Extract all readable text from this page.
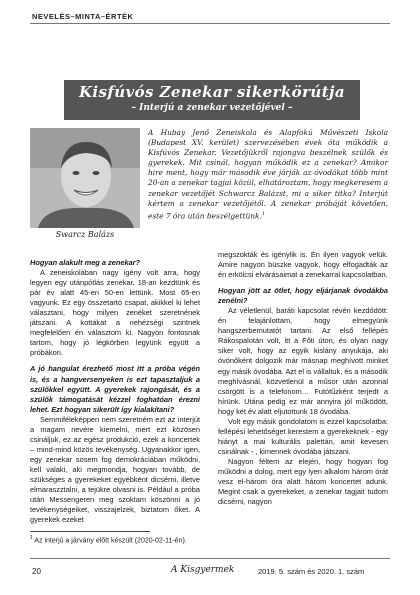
NEVELÉS–MINTA–ÉRTÉK
Kisfúvós Zenekar sikerkörútja
– Interjú a zenekar vezetőjével –
Swarcz Balázs

A Hubay Jenő Zeneiskola és Alapfokú Művészeti Iskola (Budapest XV. kerület) szervezésében évek óta működik a Kisfúvós Zenekar. Vezetőjükről rajongva beszélnek szülők és gyerekek. Mit csinál, hogyan működik ez a zenekar? Amikor hire ment, hogy már második éve járják az óvodákat több mint 20-an a zenekar tagjai közül, elhatároztam, hogy megkeresem a zenekar vezetőjét Schwarcz Balázst, mi a siker titka? Interjút kértem a zenekar vezetőjétől. A zenekar próbáját követően, este 7 óra után beszélgettünk.$^1$

Hogyan alakult meg a zenekar?

A zeneiskolában nagy igény volt arra, hogy legyen egy utánpótlás zenekar, 18-an kezdtünk és pár év alatt 45-en 50-en lettünk. Most 65-en vagyunk. Ez egy összetartó csapat, akikkel ki lehet választani, hogy milyen zenéket szeretnének játszani. A kottákat a nehézségi szintnek megfelelően én választom ki. Nagyon fontosnak tartom, hogy jó légkörben legyünk együtt a próbákon.

A jó hangulat érezhető most itt a próba végén is, és a hangversenyeken is ezt tapasztaljuk a szülőkkel együtt. A gyerekek rajongását, és a szülők támogatását kézzel foghatóan érezni lehet. Ezt hogyan sikerült így kialakítani?

Semmiféleképpen nem szeretném ezt az interjút a magam nevére kiemelni, mert ezt közösen csináljuk, ez az egész produkció, ezek a koncertek – mind-mind közös tevékenység. Ugyanakkor igen, egy zenekar sosem fog demokráciában működni, kell valaki, aki megmondja, hogyan tovább, de szükséges a gyerekeket egyébként dicsérni, illetve elmaraszztalni, a tejükre olvasni is. Például a próba után Messengeren meg szoktam köszönni a jó tevékenységeiket, visszajelzek, biztatom őket. A gyerekek ezeket

megszokták és igénylik is. Én ilyen vagyok velük. Amire nagyon büszke vagyok, hogy elfogadták az én erkölcsi elvárásaimat a zenekarral kapcsolatban.

Hogyan jött az ötlet, hogy eljárjanak óvodákba zenélni?

Az véletlenül, baráti kapcsolat révén kezdődött: én felajánlottam, hogy elmegyünk hangszerbemutatót tartani. Az első fellépés Rákospalotán volt, itt a Főti úton, és olyan nagy siker volt, hogy az egyik kislány anyukája, aki óvónőként dolgozik már másnap meghívott minket egy másik óvodába. Azt el is vállaltuk, és a második meghívásnál, közvetlenül a műsor után azonnal csörgött is a telefonom… Futótűzként terjedt a hírünk. Utána pedig ez már annyira jól működött, hogy két év alatt eljutottunk 18 óvodába.

Volt egy másik gondolatom is ezzel kapcsolatba: fellépési lehetőséget kerestem a gyerekeknek - egy hiányt a mai kulturális palettán, amit kevesen csinálnak - , kimennek óvodába játszani.

Nagyon féltem az elején, hogy hogyan fog működni a dolog, mert egy lyen alkalom három órát vesz el-három óra alatt három koncertet adunk. Megint csak a gyerekeket, a zenekar tagjait tudom dicsérni, nagyon

$^1$ Az interjú a járvány előtt készült (2020-02-11-én).
20	A Kisgyermek	2019. 5. szám és 2020. 1. szám
